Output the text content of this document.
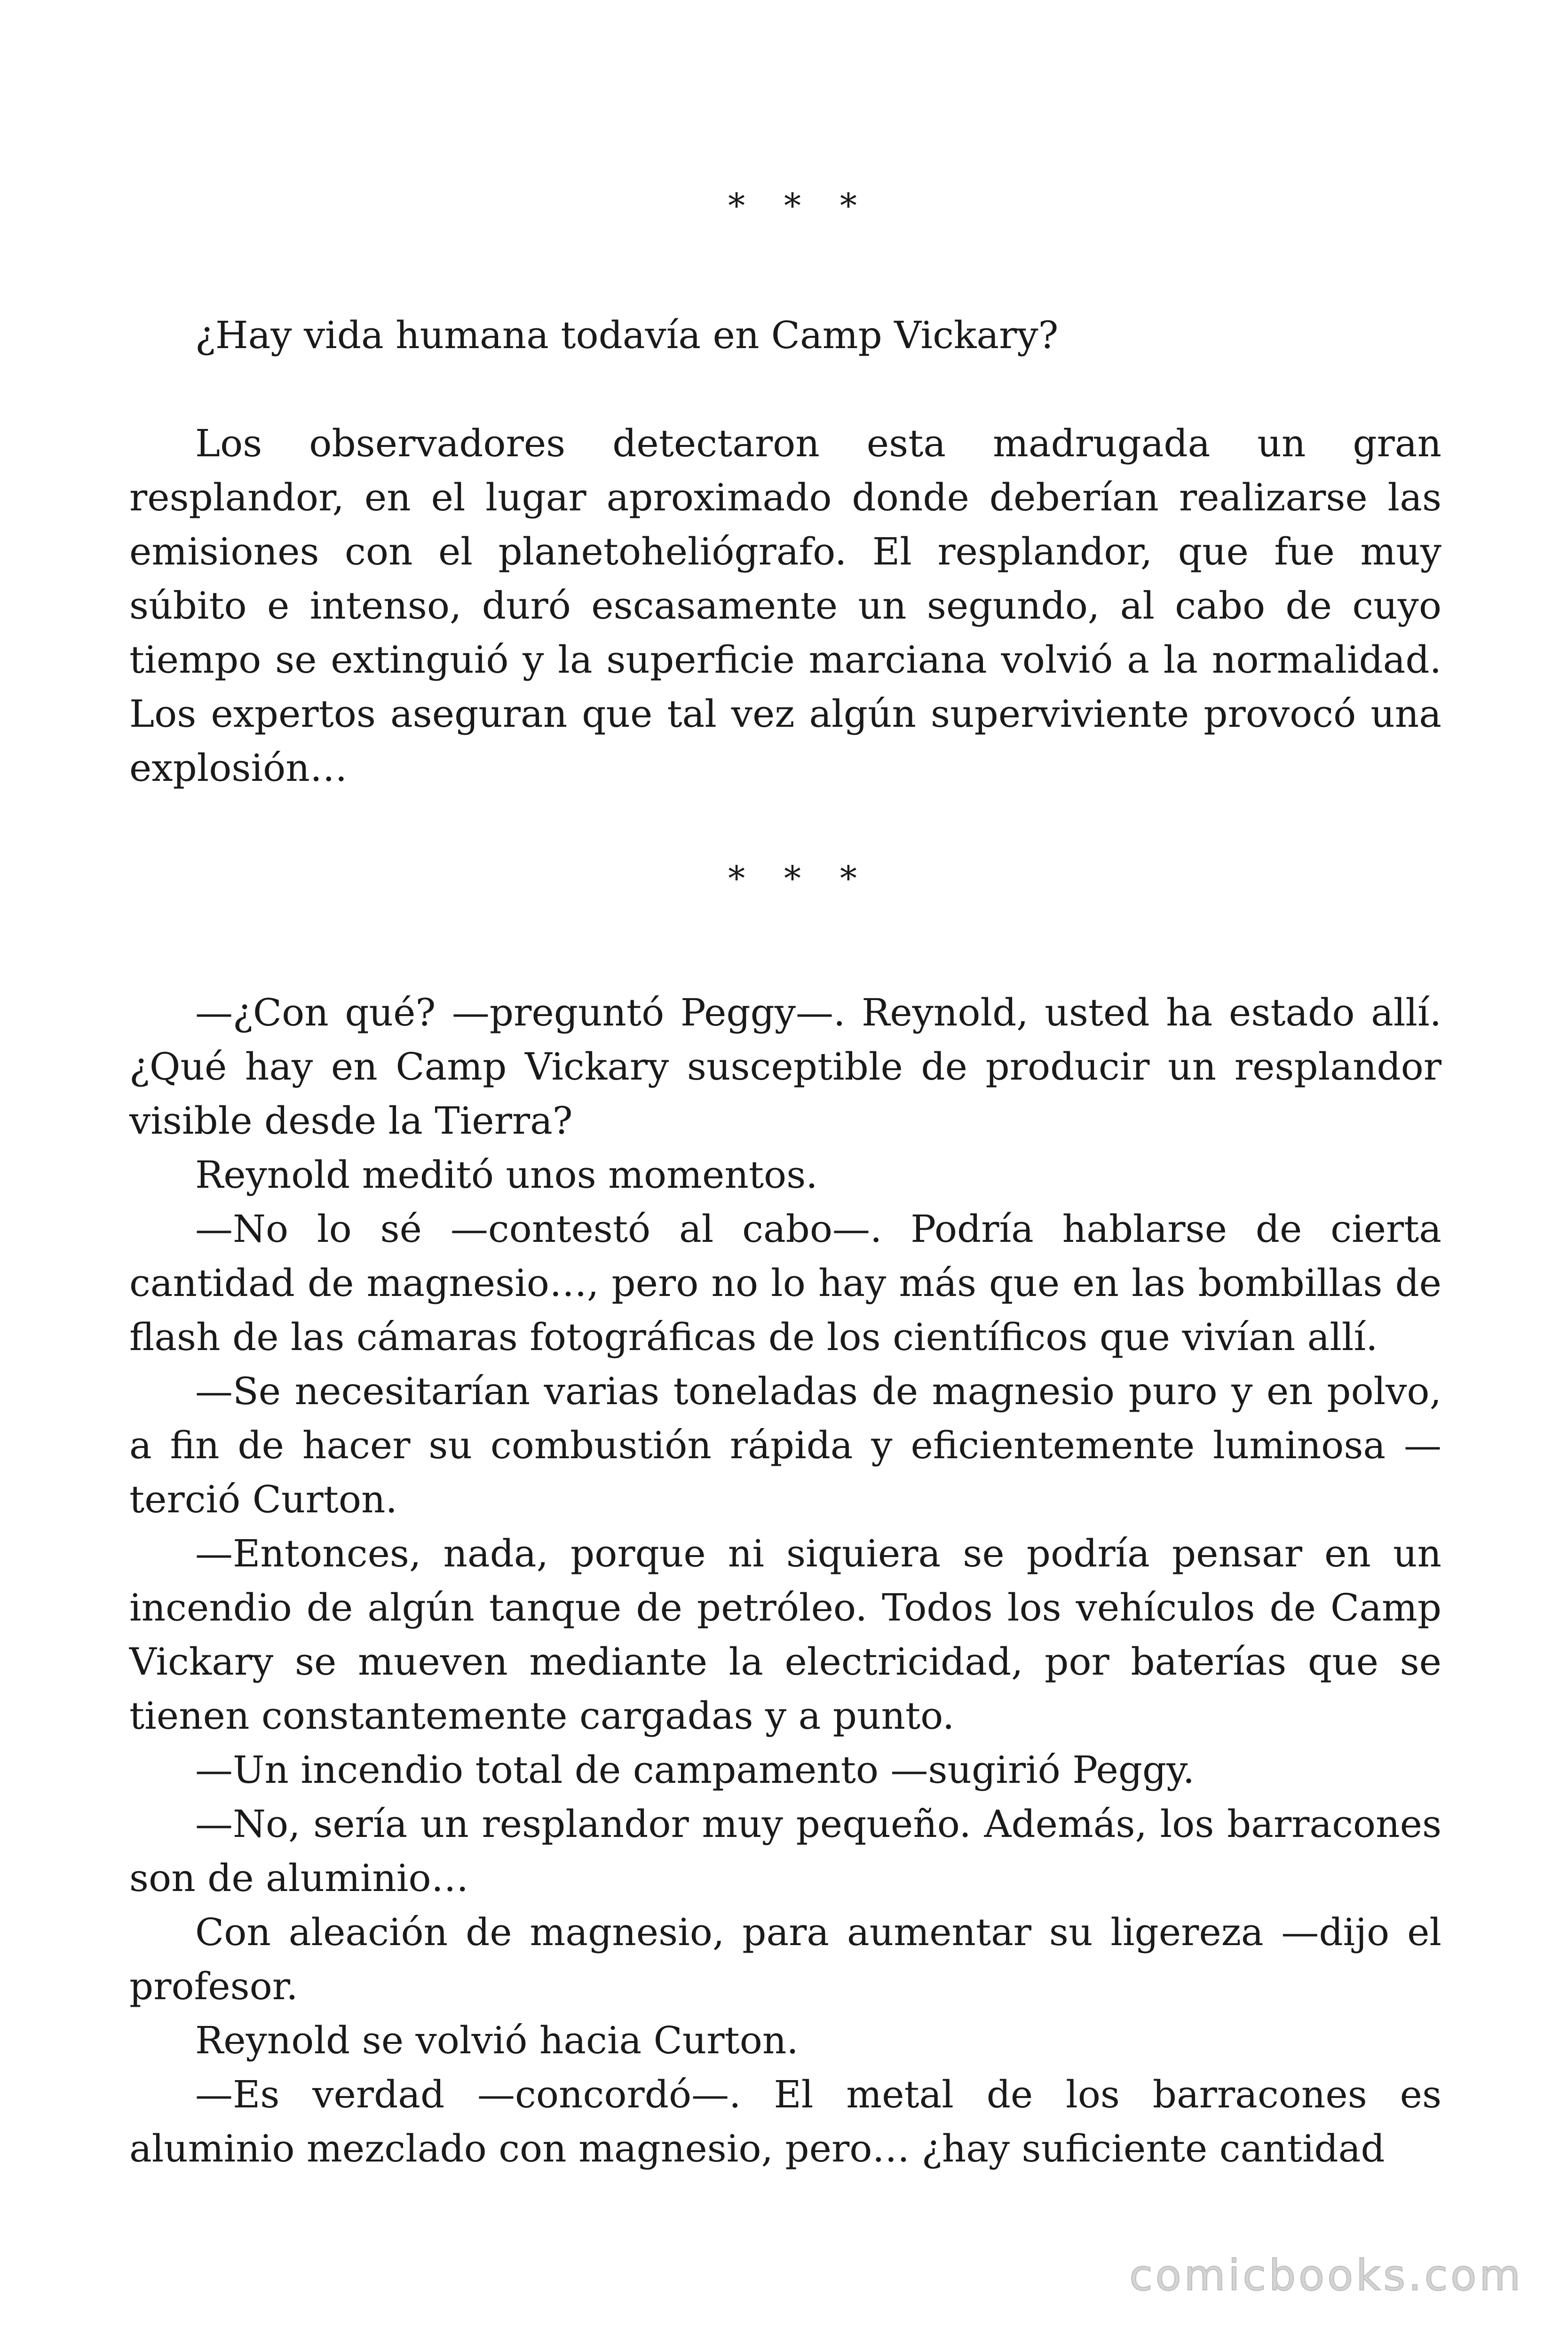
* * *

¿Hay vida humana todavía en Camp Vickary?

Los observadores detectaron esta madrugada un gran resplandor, en el lugar aproximado donde deberían realizarse las emisiones con el planetoheliógrafo. El resplandor, que fue muy súbito e intenso, duró escasamente un segundo, al cabo de cuyo tiempo se extinguió y la superficie marciana volvió a la normalidad. Los expertos aseguran que tal vez algún superviviente provocó una explosión…

* * *

—¿Con qué? —preguntó Peggy—. Reynold, usted ha estado allí. ¿Qué hay en Camp Vickary susceptible de producir un resplandor visible desde la Tierra?

Reynold meditó unos momentos.

—No lo sé —contestó al cabo—. Podría hablarse de cierta cantidad de magnesio…, pero no lo hay más que en las bombillas de flash de las cámaras fotográficas de los científicos que vivían allí.

—Se necesitarían varias toneladas de magnesio puro y en polvo, a fin de hacer su combustión rápida y eficientemente luminosa —terció Curton.

—Entonces, nada, porque ni siquiera se podría pensar en un incendio de algún tanque de petróleo. Todos los vehículos de Camp Vickary se mueven mediante la electricidad, por baterías que se tienen constantemente cargadas y a punto.

—Un incendio total de campamento —sugirió Peggy.

—No, sería un resplandor muy pequeño. Además, los barracones son de aluminio…

Con aleación de magnesio, para aumentar su ligereza —dijo el profesor.

Reynold se volvió hacia Curton.

—Es verdad —concordó—. El metal de los barracones es aluminio mezclado con magnesio, pero… ¿hay suficiente cantidad

comicbooks.com
